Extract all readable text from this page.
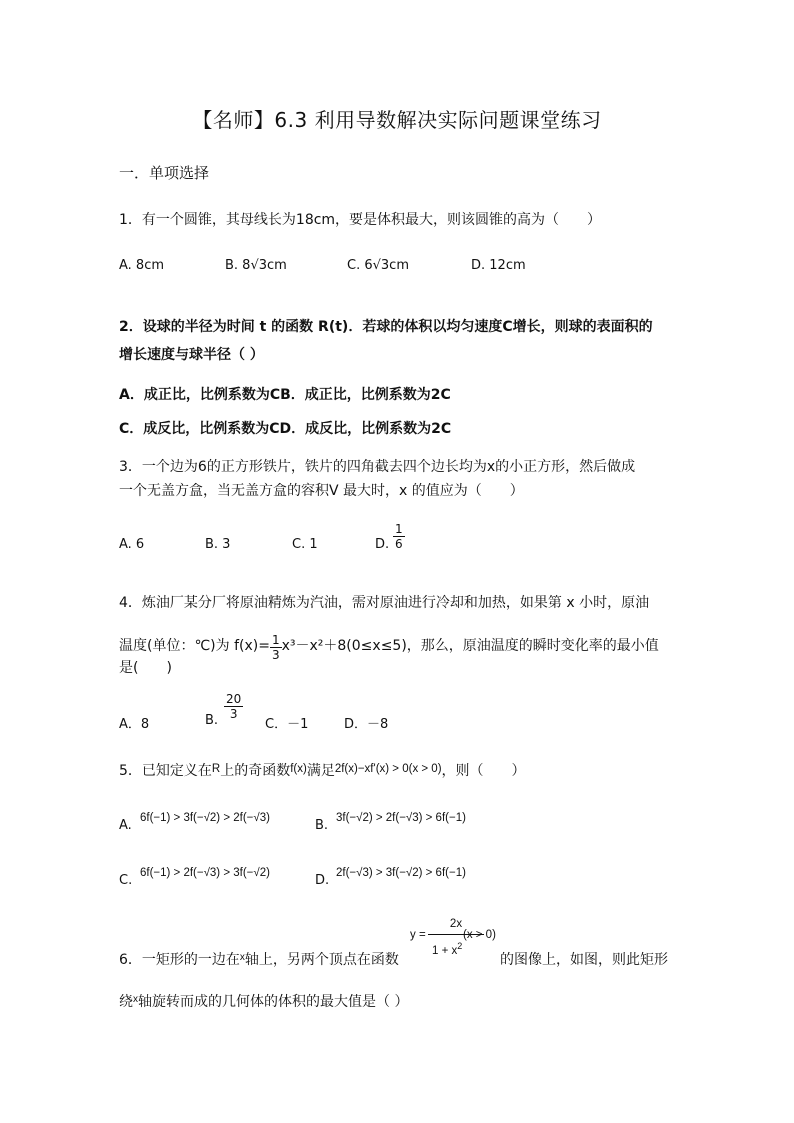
【名师】6.3 利用导数解决实际问题课堂练习
一．单项选择
1．有一个圆锥，其母线长为18cm，要是体积最大，则该圆锥的高为（　　）
A. 8cm	B. 8√3cm	C. 6√3cm	D. 12cm
2．设球的半径为时间 t 的函数 R(t)．若球的体积以均匀速度C增长，则球的表面积的
增长速度与球半径（ ）
A．成正比，比例系数为CB．成正比，比例系数为2C
C．成反比，比例系数为CD．成反比，比例系数为2C
3．一个边为6的正方形铁片，铁片的四角截去四个边长均为x的小正方形，然后做成
一个无盖方盒，当无盖方盒的容积V 最大时，x 的值应为（　　）
A. 6	B. 3	C. 1	D. $\frac{1}{6}$
4．炼油厂某分厂将原油精炼为汽油，需对原油进行冷却和加热，如果第 x 小时，原油
温度(单位：℃)为 $f(x)= \frac{1}{3} x^3-x^2+8(0\le x\le 5)$，那么，原油温度的瞬时变化率的最小值
是(　　)
A．8	B. $\frac{20}{3}$
C．－1	D．－8
5．已知定义在$^R$上的奇函数$^{f(x)}$满足$^{2f(x)-xf'(x) > 0(x > 0)}$，则（　　）
A. 6f(−1) > 3f(−√2) > 2f(−√3)	B. 3f(−√2) > 2f(−√3) > 6f(−1)
C. 6f(−1) > 2f(−√3) > 3f(−√2)	D. 2f(−√3) > 3f(−√2) > 6f(−1)
6．一矩形的一边在$^x$轴上，另两个顶点在函数
y =
2x
$1 + x^2$
(x > 0)
的图像上，如图，则此矩形
绕$^x$轴旋转而成的几何体的体积的最大值是（ ）
